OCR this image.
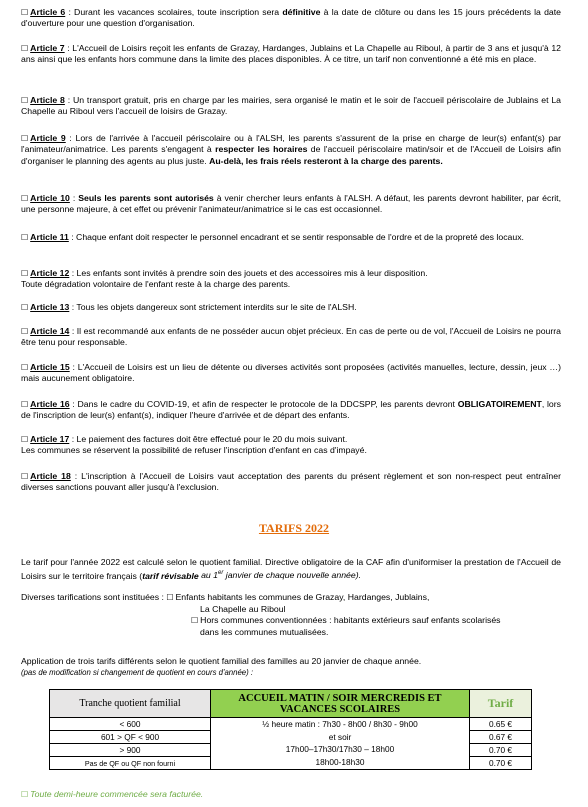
☐ Article 6 : Durant les vacances scolaires, toute inscription sera définitive à la date de clôture ou dans les 15 jours précédents la date d'ouverture pour une question d'organisation.
☐ Article 7 : L'Accueil de Loisirs reçoit les enfants de Grazay, Hardanges, Jublains et La Chapelle au Riboul, à partir de 3 ans et jusqu'à 12 ans ainsi que les enfants hors commune dans la limite des places disponibles. À ce titre, un tarif non conventionné a été mis en place.
☐ Article 8 : Un transport gratuit, pris en charge par les mairies, sera organisé le matin et le soir de l'accueil périscolaire de Jublains et La Chapelle au Riboul vers l'accueil de loisirs de Grazay.
☐ Article 9 : Lors de l'arrivée à l'accueil périscolaire ou à l'ALSH, les parents s'assurent de la prise en charge de leur(s) enfant(s) par l'animateur/animatrice. Les parents s'engagent à respecter les horaires de l'accueil périscolaire matin/soir et de l'Accueil de Loisirs afin d'organiser le planning des agents au plus juste. Au-delà, les frais réels resteront à la charge des parents.
☐ Article 10 : Seuls les parents sont autorisés à venir chercher leurs enfants à l'ALSH. A défaut, les parents devront habiliter, par écrit, une personne majeure, à cet effet ou prévenir l'animateur/animatrice si le cas est occasionnel.
☐ Article 11 : Chaque enfant doit respecter le personnel encadrant et se sentir responsable de l'ordre et de la propreté des locaux.
☐ Article 12 : Les enfants sont invités à prendre soin des jouets et des accessoires mis à leur disposition.
Toute dégradation volontaire de l'enfant reste à la charge des parents.
☐ Article 13 : Tous les objets dangereux sont strictement interdits sur le site de l'ALSH.
☐ Article 14 : Il est recommandé aux enfants de ne posséder aucun objet précieux. En cas de perte ou de vol, l'Accueil de Loisirs ne pourra être tenu pour responsable.
☐ Article 15 : L'Accueil de Loisirs est un lieu de détente ou diverses activités sont proposées (activités manuelles, lecture, dessin, jeux …) mais aucunement obligatoire.
☐ Article 16 : Dans le cadre du COVID-19, et afin de respecter le protocole de la DDCSPP, les parents devront OBLIGATOIREMENT, lors de l'inscription de leur(s) enfant(s), indiquer l'heure d'arrivée et de départ des enfants.
☐ Article 17 : Le paiement des factures doit être effectué pour le 20 du mois suivant.
Les communes se réservent la possibilité de refuser l'inscription d'enfant en cas d'impayé.
☐ Article 18 : L'inscription à l'Accueil de Loisirs vaut acceptation des parents du présent règlement et son non-respect peut entraîner diverses sanctions pouvant aller jusqu'à l'exclusion.
TARIFS 2022
Le tarif pour l'année 2022 est calculé selon le quotient familial. Directive obligatoire de la CAF afin d'uniformiser la prestation de l'Accueil de Loisirs sur le territoire français (tarif révisable au 1er janvier de chaque nouvelle année).
Diverses tarifications sont instituées : ☐ Enfants habitants les communes de Grazay, Hardanges, Jublains,
La Chapelle au Riboul
☐ Hors communes conventionnées : habitants extérieurs sauf enfants scolarisés
dans les communes mutualisées.
Application de trois tarifs différents selon le quotient familial des familles au 20 janvier de chaque année.
(pas de modification si changement de quotient en cours d'année) :
Tranche quotient familial	ACCUEIL MATIN / SOIR MERCREDIS ET VACANCES SCOLAIRES	Tarif
< 600	½ heure matin : 7h30 - 8h00 / 8h30 - 9h00
et soir
17h00–17h30/17h30 – 18h00
18h00-18h30	0.65 €
601 > QF < 900		0.67 €
> 900		0.70 €
Pas de QF ou QF non fourni		0.70 €
☐ Toute demi-heure commencée sera facturée.
